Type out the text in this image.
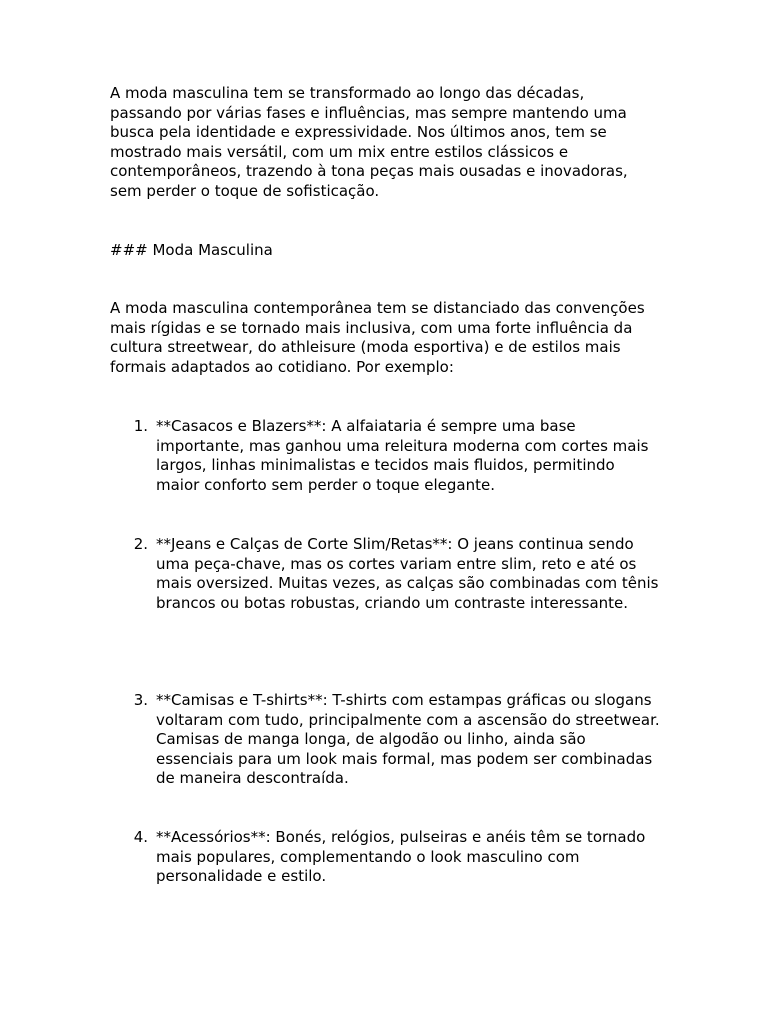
A moda masculina tem se transformado ao longo das décadas, passando por várias fases e influências, mas sempre mantendo uma busca pela identidade e expressividade. Nos últimos anos, tem se mostrado mais versátil, com um mix entre estilos clássicos e contemporâneos, trazendo à tona peças mais ousadas e inovadoras, sem perder o toque de sofisticação.

### Moda Masculina

A moda masculina contemporânea tem se distanciado das convenções mais rígidas e se tornado mais inclusiva, com uma forte influência da cultura streetwear, do athleisure (moda esportiva) e de estilos mais formais adaptados ao cotidiano. Por exemplo:

1. **Casacos e Blazers**: A alfaiataria é sempre uma base importante, mas ganhou uma releitura moderna com cortes mais largos, linhas minimalistas e tecidos mais fluidos, permitindo maior conforto sem perder o toque elegante.
2. **Jeans e Calças de Corte Slim/Retas**: O jeans continua sendo uma peça-chave, mas os cortes variam entre slim, reto e até os mais oversized. Muitas vezes, as calças são combinadas com tênis brancos ou botas robustas, criando um contraste interessante.
3. **Camisas e T-shirts**: T-shirts com estampas gráficas ou slogans voltaram com tudo, principalmente com a ascensão do streetwear. Camisas de manga longa, de algodão ou linho, ainda são essenciais para um look mais formal, mas podem ser combinadas de maneira descontraída.
4. **Acessórios**: Bonés, relógios, pulseiras e anéis têm se tornado mais populares, complementando o look masculino com personalidade e estilo.
